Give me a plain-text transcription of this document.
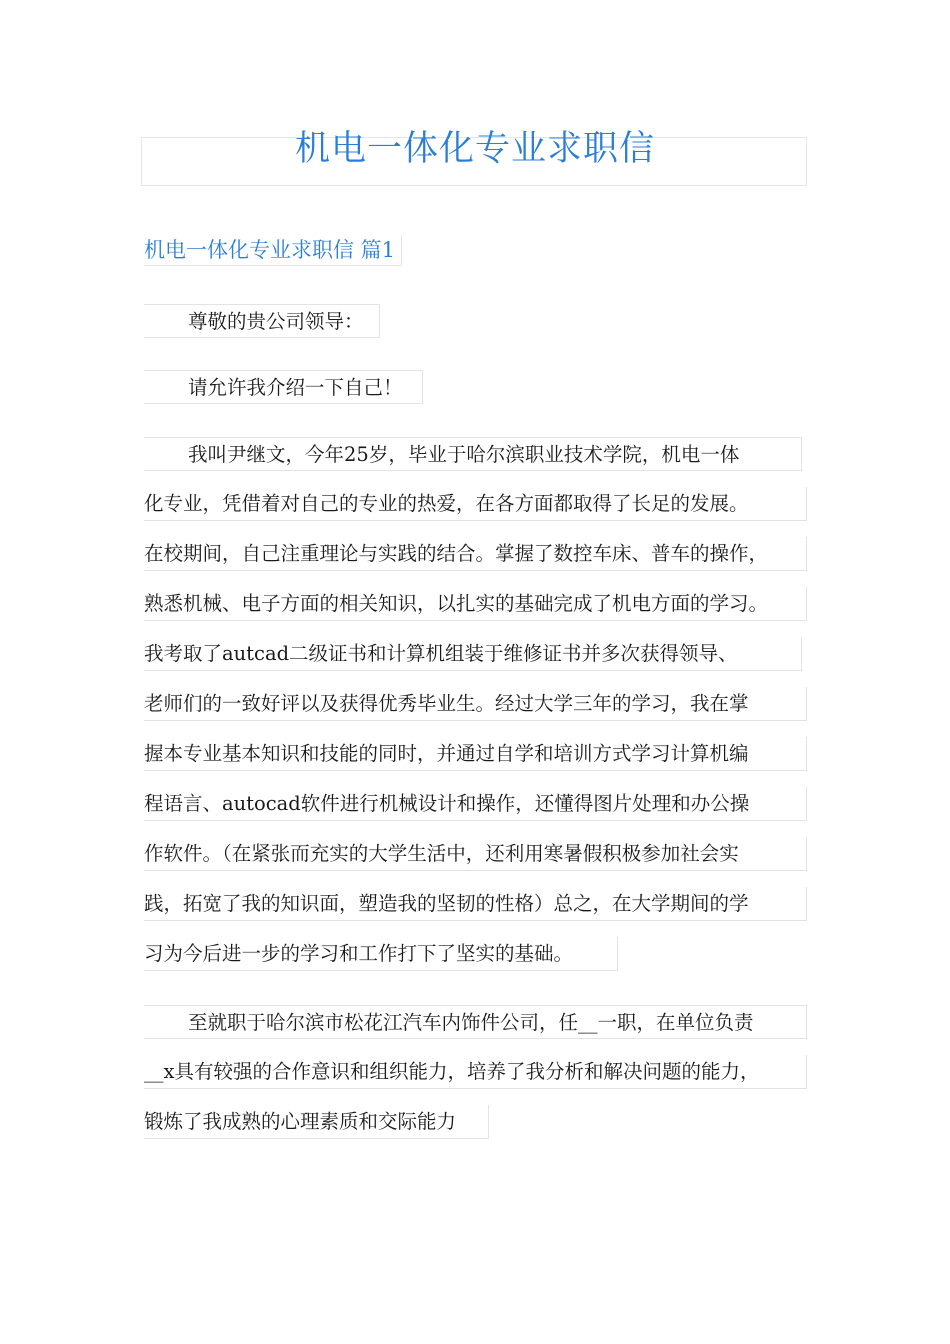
机电一体化专业求职信
机电一体化专业求职信 篇1
尊敬的贵公司领导：
请允许我介绍一下自己！
我叫尹继文，今年25岁，毕业于哈尔滨职业技术学院，机电一体
化专业，凭借着对自己的专业的热爱，在各方面都取得了长足的发展。
在校期间，自己注重理论与实践的结合。掌握了数控车床、普车的操作，
熟悉机械、电子方面的相关知识，以扎实的基础完成了机电方面的学习。
我考取了autcad二级证书和计算机组装于维修证书并多次获得领导、
老师们的一致好评以及获得优秀毕业生。经过大学三年的学习，我在掌
握本专业基本知识和技能的同时，并通过自学和培训方式学习计算机编
程语言、autocad软件进行机械设计和操作，还懂得图片处理和办公操
作软件。（在紧张而充实的大学生活中，还利用寒暑假积极参加社会实
践，拓宽了我的知识面，塑造我的坚韧的性格）总之，在大学期间的学
习为今后进一步的学习和工作打下了坚实的基础。
至就职于哈尔滨市松花江汽车内饰件公司，任__一职，在单位负责
__x具有较强的合作意识和组织能力，培养了我分析和解决问题的能力，
锻炼了我成熟的心理素质和交际能力
